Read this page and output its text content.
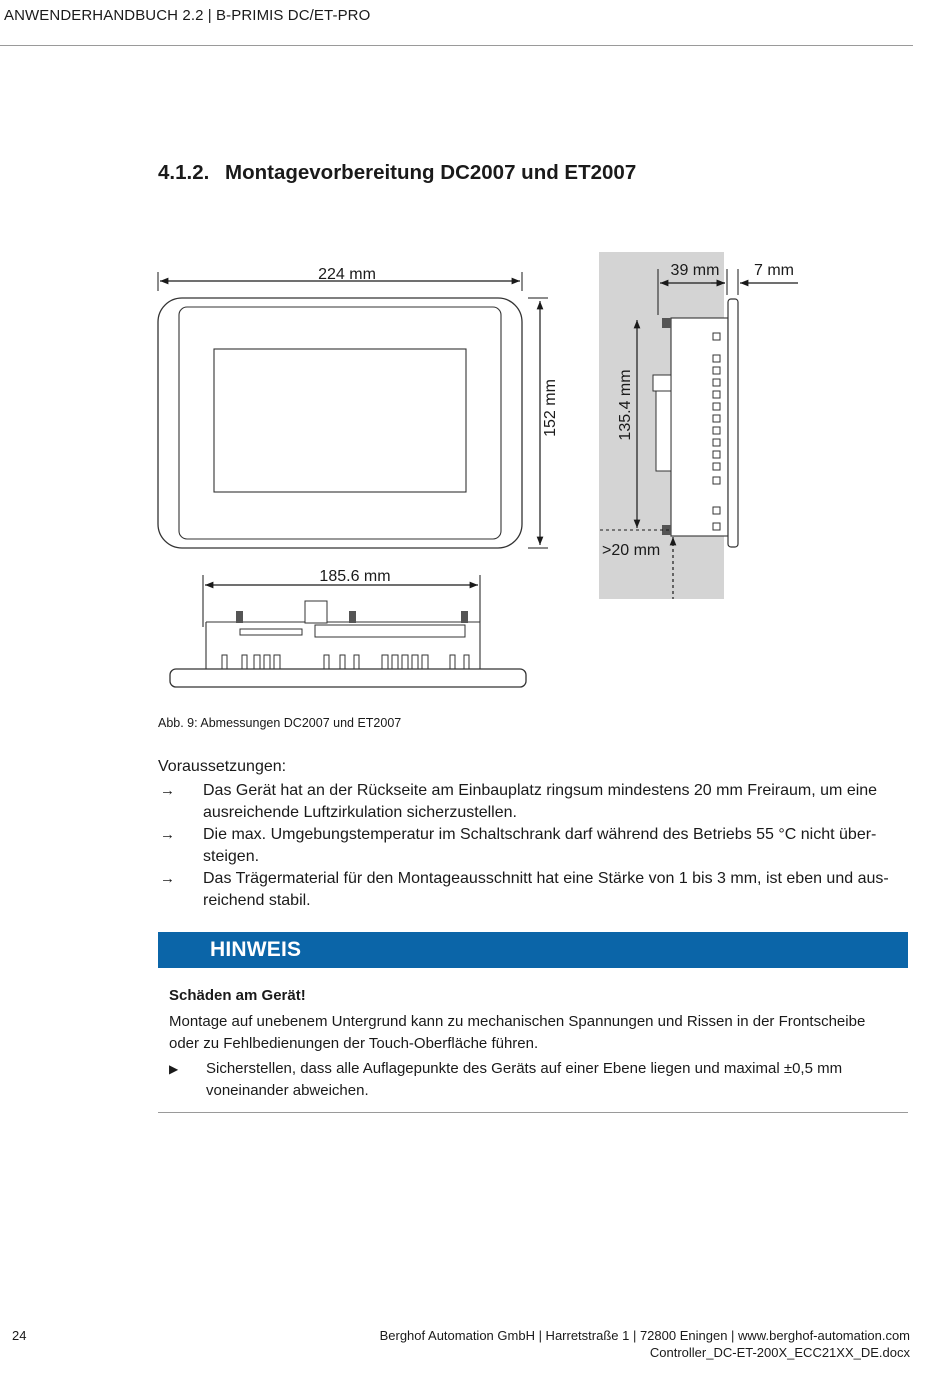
ANWENDERHANDBUCH 2.2 | B-PRIMIS DC/ET-PRO
4.1.2. Montagevorbereitung DC2007 und ET2007
224 mm
152 mm
185.6 mm
39 mm 7 mm
135.4 mm
>20 mm
Abb. 9: Abmessungen DC2007 und ET2007
Voraussetzungen:
→ Das Gerät hat an der Rückseite am Einbauplatz ringsum mindestens 20 mm Freiraum, um eine
ausreichende Luftzirkulation sicherzustellen.
→ Die max. Umgebungstemperatur im Schaltschrank darf während des Betriebs 55 °C nicht über-
steigen.
→ Das Trägermaterial für den Montageausschnitt hat eine Stärke von 1 bis 3 mm, ist eben und aus-
reichend stabil.
HINWEIS
Schäden am Gerät!
Montage auf unebenem Untergrund kann zu mechanischen Spannungen und Rissen in der Frontscheibe
oder zu Fehlbedienungen der Touch-Oberfläche führen.
▶ Sicherstellen, dass alle Auflagepunkte des Geräts auf einer Ebene liegen und maximal ±0,5 mm
voneinander abweichen.
24	Berghof Automation GmbH | Harretstraße 1 | 72800 Eningen | www.berghof-automation.com
Controller_DC-ET-200X_ECC21XX_DE.docx
